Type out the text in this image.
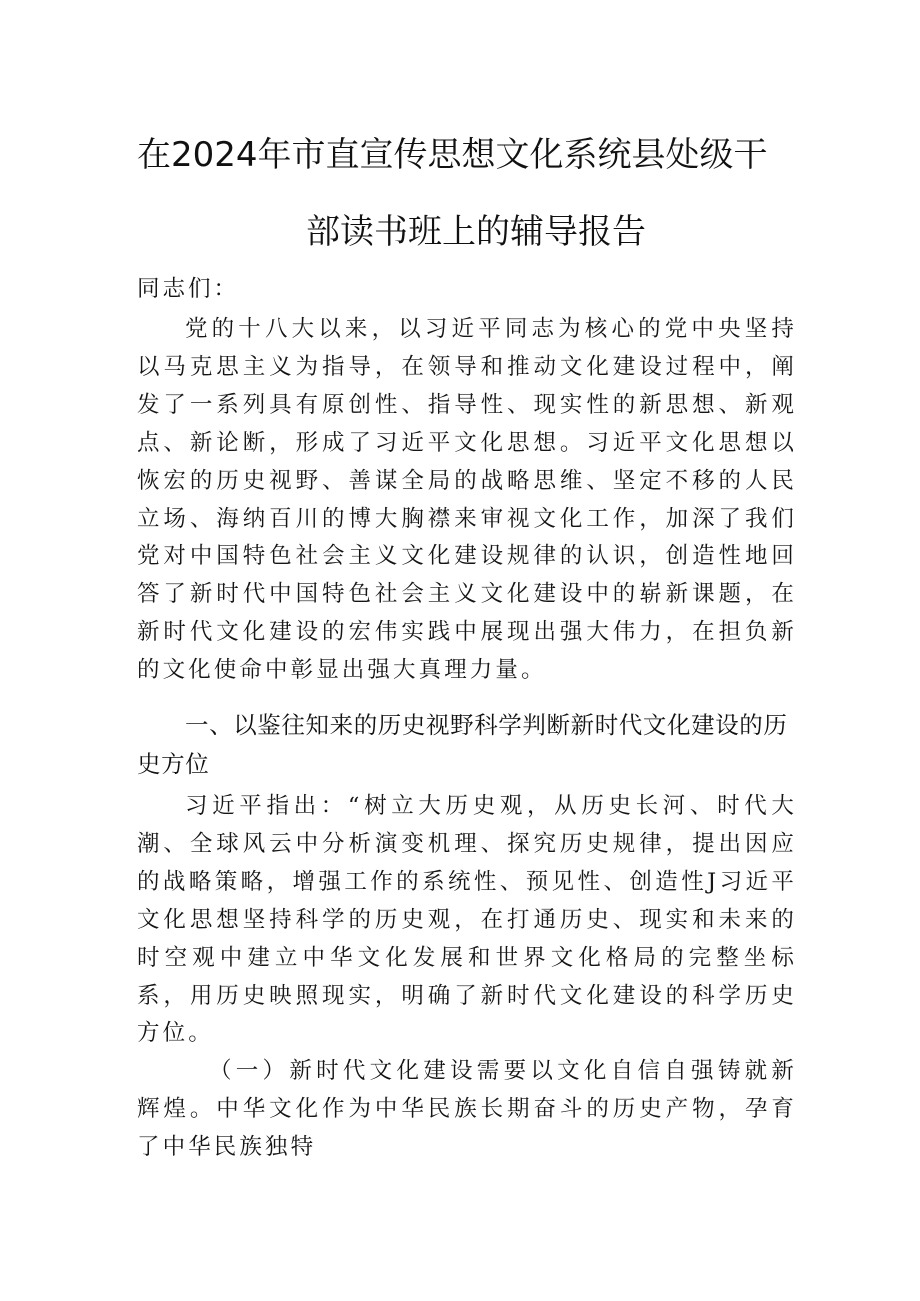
在2024年市直宣传思想文化系统县处级干
部读书班上的辅导报告
同志们：
党的十八大以来，以习近平同志为核心的党中央坚持以马克思主义为指导，在领导和推动文化建设过程中，阐发了一系列具有原创性、指导性、现实性的新思想、新观点、新论断，形成了习近平文化思想。习近平文化思想以恢宏的历史视野、善谋全局的战略思维、坚定不移的人民立场、海纳百川的博大胸襟来审视文化工作，加深了我们党对中国特色社会主义文化建设规律的认识，创造性地回答了新时代中国特色社会主义文化建设中的崭新课题，在新时代文化建设的宏伟实践中展现出强大伟力，在担负新的文化使命中彰显出强大真理力量。
一、以鉴往知来的历史视野科学判断新时代文化建设的历史方位
习近平指出：“树立大历史观，从历史长河、时代大潮、全球风云中分析演变机理、探究历史规律，提出因应的战略策略，增强工作的系统性、预见性、创造性J习近平文化思想坚持科学的历史观，在打通历史、现实和未来的时空观中建立中华文化发展和世界文化格局的完整坐标系，用历史映照现实，明确了新时代文化建设的科学历史方位。
（一）新时代文化建设需要以文化自信自强铸就新辉煌。中华文化作为中华民族长期奋斗的历史产物，孕育了中华民族独特
